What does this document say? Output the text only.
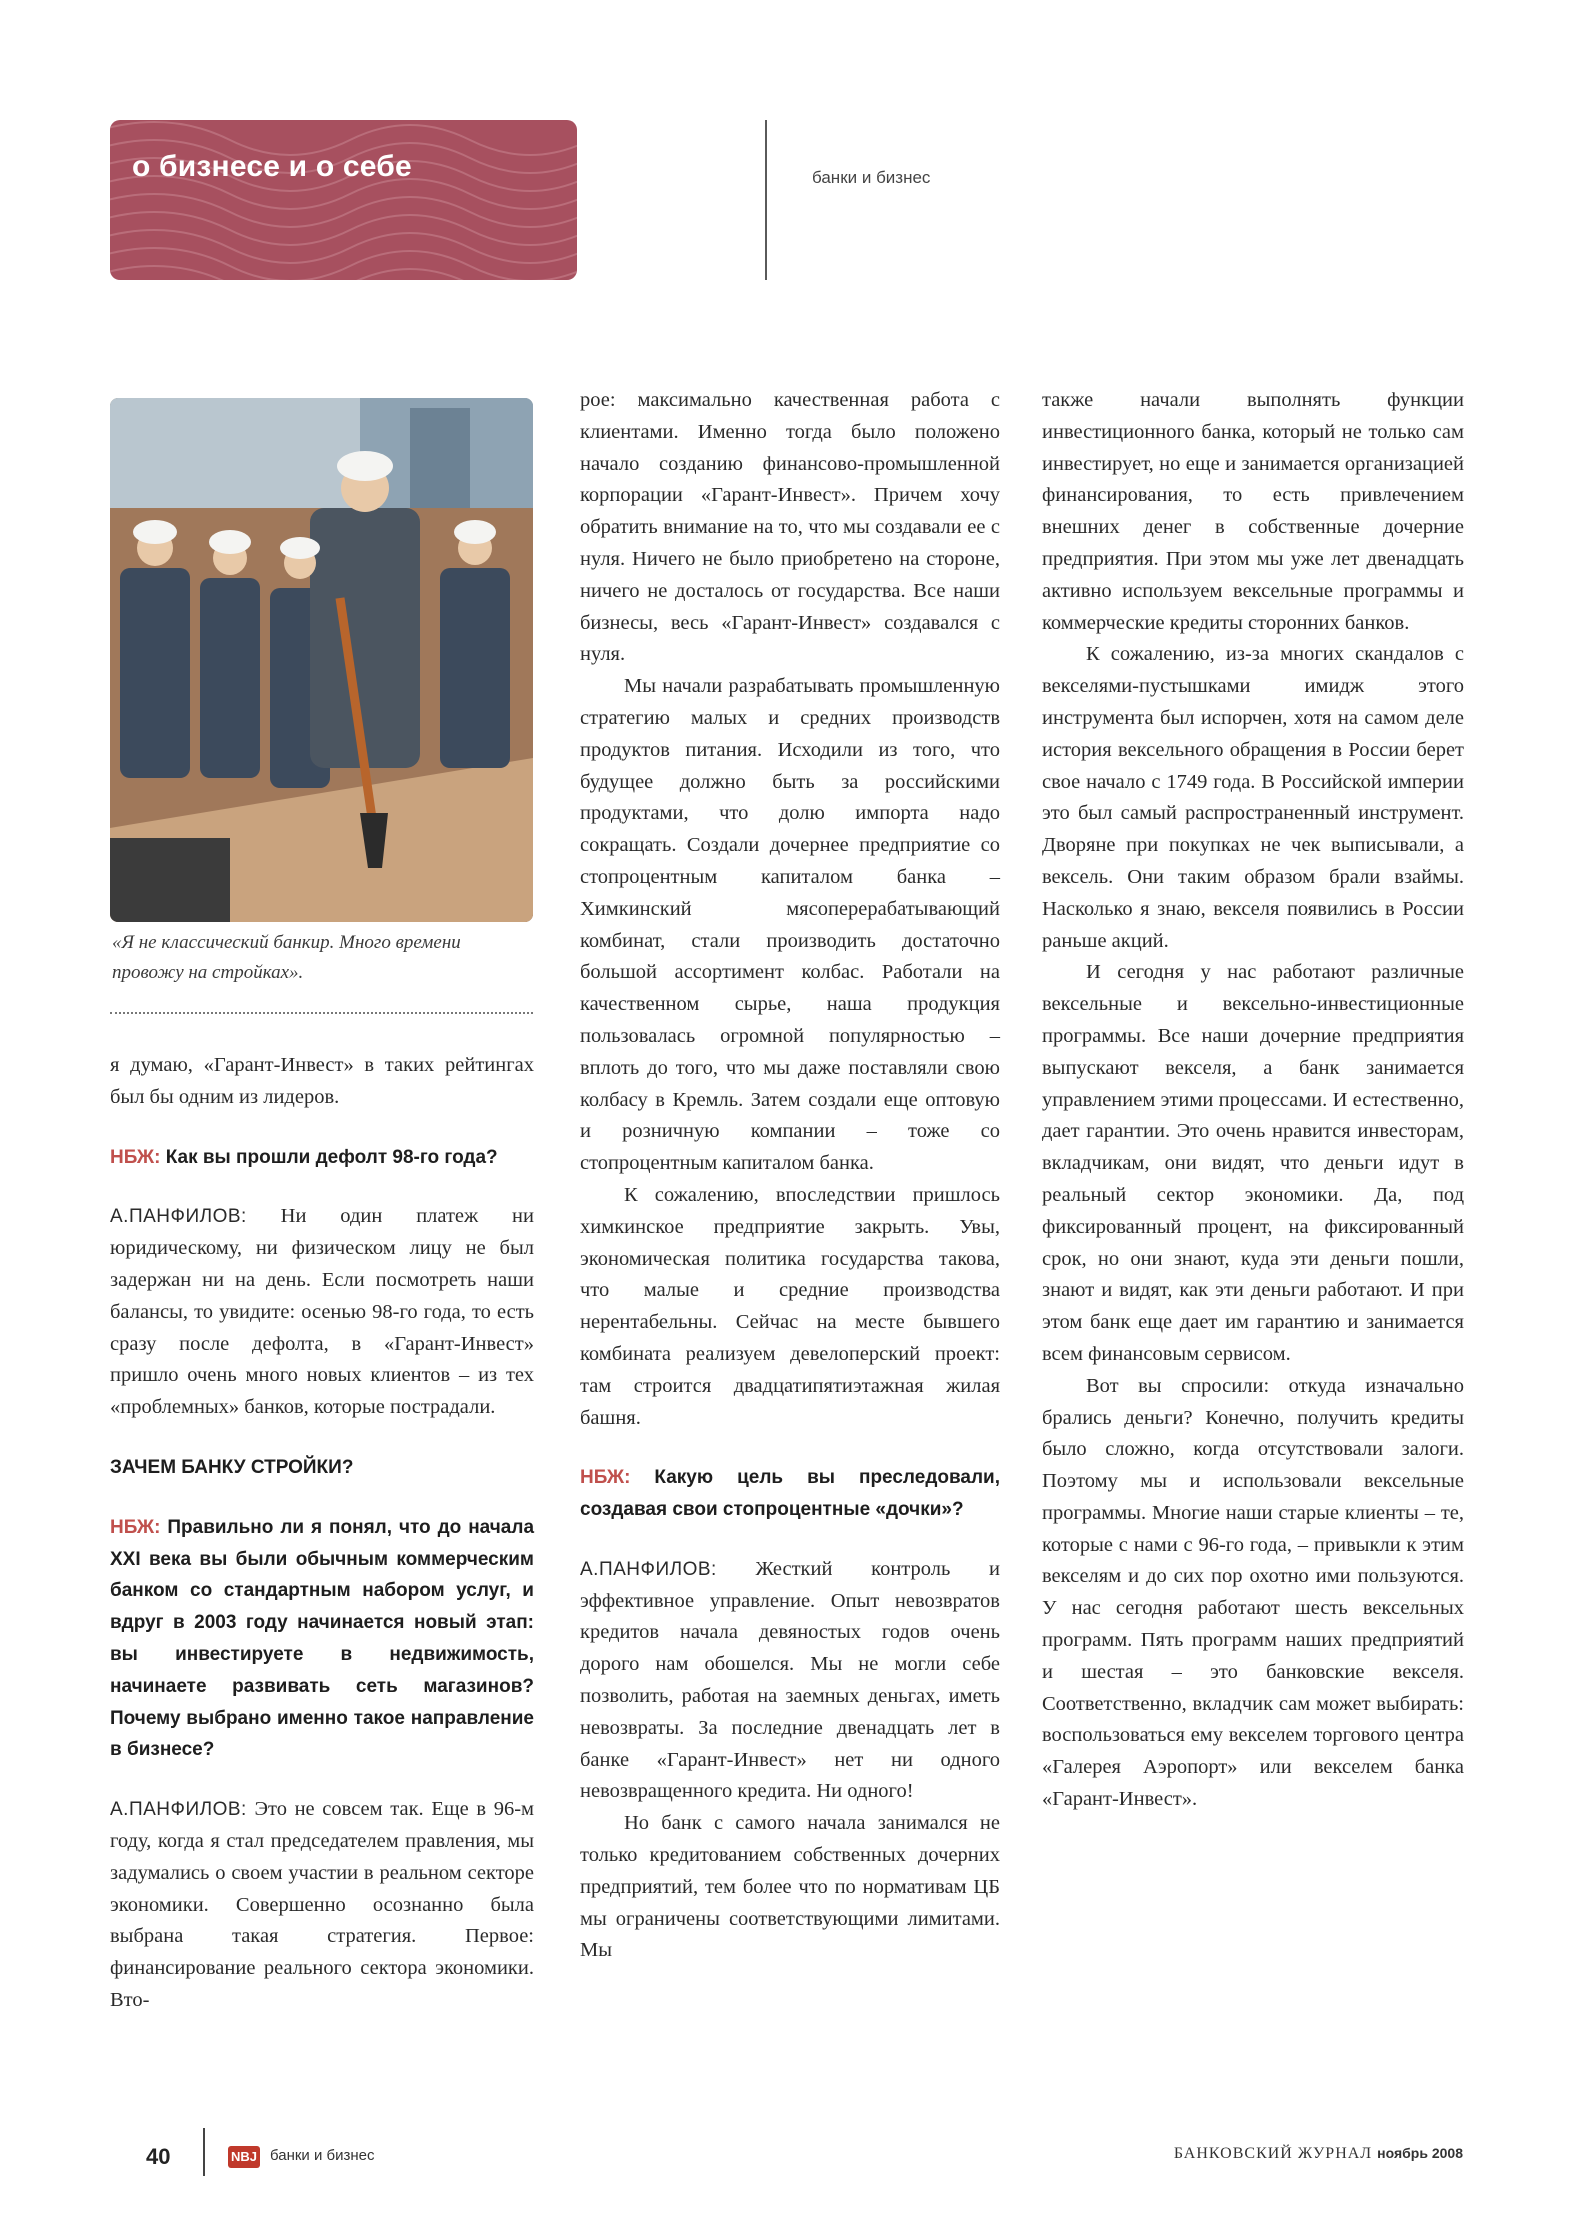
о бизнесе и о себе	банки и бизнес
«Я не классический банкир. Много времени провожу на стройках».

я думаю, «Гарант-Инвест» в таких рейтингах был бы одним из лидеров.

НБЖ: Как вы прошли дефолт 98-го года?

А.ПАНФИЛОВ: Ни один платеж ни юридическому, ни физическом лицу не был задержан ни на день. Если посмотреть наши балансы, то увидите: осенью 98-го года, то есть сразу после дефолта, в «Гарант-Инвест» пришло очень много новых клиентов – из тех «проблемных» банков, которые пострадали.

ЗАЧЕМ БАНКУ СТРОЙКИ?

НБЖ: Правильно ли я понял, что до начала XXI века вы были обычным коммерческим банком со стандартным набором услуг, и вдруг в 2003 году начинается новый этап: вы инвестируете в недвижимость, начинаете развивать сеть магазинов? Почему выбрано именно такое направление в бизнесе?

А.ПАНФИЛОВ: Это не совсем так. Еще в 96-м году, когда я стал председателем правления, мы задумались о своем участии в реальном секторе экономики. Совершенно осознанно была выбрана такая стратегия. Первое: финансирование реального сектора экономики. Вто-

рое: максимально качественная работа с клиентами. Именно тогда было положено начало созданию финансово-промышленной корпорации «Гарант-Инвест». Причем хочу обратить внимание на то, что мы создавали ее с нуля. Ничего не было приобретено на стороне, ничего не досталось от государства. Все наши бизнесы, весь «Гарант-Инвест» создавался с нуля.

Мы начали разрабатывать промышленную стратегию малых и средних производств продуктов питания. Исходили из того, что будущее должно быть за российскими продуктами, что долю импорта надо сокращать. Создали дочернее предприятие со стопроцентным капиталом банка – Химкинский мясоперерабатывающий комбинат, стали производить достаточно большой ассортимент колбас. Работали на качественном сырье, наша продукция пользовалась огромной популярностью – вплоть до того, что мы даже поставляли свою колбасу в Кремль. Затем создали еще оптовую и розничную компании – тоже со стопроцентным капиталом банка.

К сожалению, впоследствии пришлось химкинское предприятие закрыть. Увы, экономическая политика государства такова, что малые и средние производства нерентабельны. Сейчас на месте бывшего комбината реализуем девелоперский проект: там строится двадцатипятиэтажная жилая башня.

НБЖ: Какую цель вы преследовали, создавая свои стопроцентные «дочки»?

А.ПАНФИЛОВ: Жесткий контроль и эффективное управление. Опыт невозвратов кредитов начала девяностых годов очень дорого нам обошелся. Мы не могли себе позволить, работая на заемных деньгах, иметь невозвраты. За последние двенадцать лет в банке «Гарант-Инвест» нет ни одного невозвращенного кредита. Ни одного!

Но банк с самого начала занимался не только кредитованием собственных дочерних предприятий, тем более что по нормативам ЦБ мы ограничены соответствующими лимитами. Мы

также начали выполнять функции инвестиционного банка, который не только сам инвестирует, но еще и занимается организацией финансирования, то есть привлечением внешних денег в собственные дочерние предприятия. При этом мы уже лет двенадцать активно используем вексельные программы и коммерческие кредиты сторонних банков.

К сожалению, из-за многих скандалов с векселями-пустышками имидж этого инструмента был испорчен, хотя на самом деле история вексельного обращения в России берет свое начало с 1749 года. В Российской империи это был самый распространенный инструмент. Дворяне при покупках не чек выписывали, а вексель. Они таким образом брали взаймы. Насколько я знаю, векселя появились в России раньше акций.

И сегодня у нас работают различные вексельные и вексельно-инвестиционные программы. Все наши дочерние предприятия выпускают векселя, а банк занимается управлением этими процессами. И естественно, дает гарантии. Это очень нравится инвесторам, вкладчикам, они видят, что деньги идут в реальный сектор экономики. Да, под фиксированный процент, на фиксированный срок, но они знают, куда эти деньги пошли, знают и видят, как эти деньги работают. И при этом банк еще дает им гарантию и занимается всем финансовым сервисом.

Вот вы спросили: откуда изначально брались деньги? Конечно, получить кредиты было сложно, когда отсутствовали залоги. Поэтому мы и использовали вексельные программы. Многие наши старые клиенты – те, которые с нами с 96-го года, – привыкли к этим векселям и до сих пор охотно ими пользуются. У нас сегодня работают шесть вексельных программ. Пять программ наших предприятий и шестая – это банковские векселя. Соответственно, вкладчик сам может выбирать: воспользоваться ему векселем торгового центра «Галерея Аэропорт» или векселем банка «Гарант-Инвест».

40	NBJ банки и бизнес	БАНКОВСКИЙ ЖУРНАЛ ноябрь 2008
